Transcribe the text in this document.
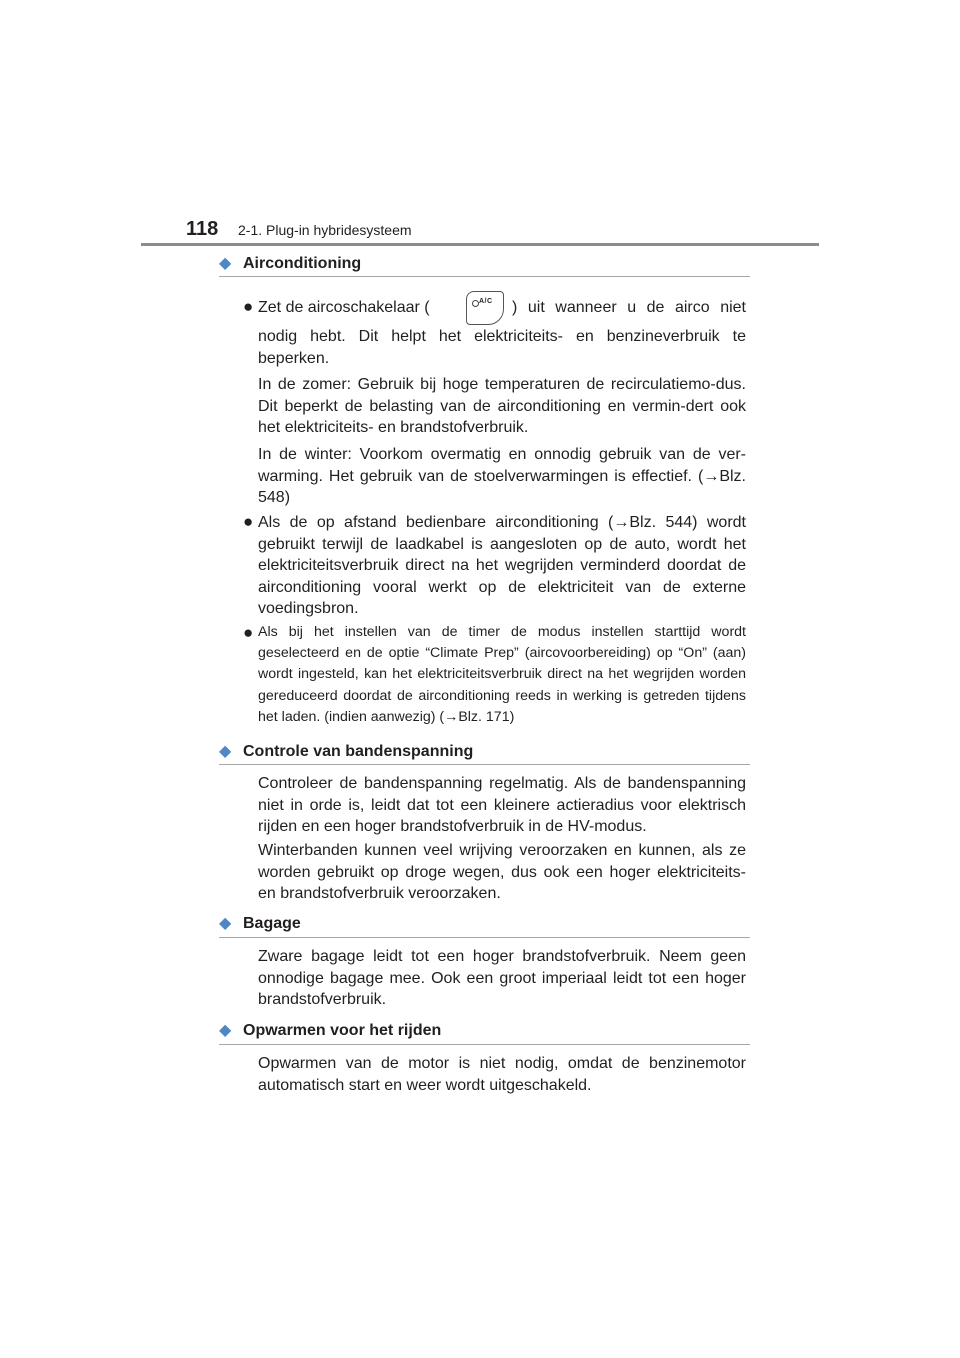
118 2-1. Plug-in hybridesysteem
◆ Airconditioning
● Zet de aircoschakelaar (	A/C ) uit wanneer u de airco niet
nodig hebt. Dit helpt het elektriciteits- en benzineverbruik te beperken.
In de zomer: Gebruik bij hoge temperaturen de recirculatiemo-dus. Dit beperkt de belasting van de airconditioning en vermin-dert ook het elektriciteits- en brandstofverbruik.
In de winter: Voorkom overmatig en onnodig gebruik van de ver-warming. Het gebruik van de stoelverwarmingen is effectief. (→Blz. 548)
● Als de op afstand bedienbare airconditioning (→Blz. 544) wordt gebruikt terwijl de laadkabel is aangesloten op de auto, wordt het elektriciteitsverbruik direct na het wegrijden verminderd doordat de airconditioning vooral werkt op de elektriciteit van de externe voedingsbron.
● Als bij het instellen van de timer de modus instellen starttijd wordt geselecteerd en de optie “Climate Prep” (aircovoorbereiding) op “On” (aan) wordt ingesteld, kan het elektriciteitsverbruik direct na het wegrijden worden gereduceerd doordat de airconditioning reeds in werking is getreden tijdens het laden. (indien aanwezig) (→Blz. 171)
◆ Controle van bandenspanning
Controleer de bandenspanning regelmatig. Als de bandenspanning niet in orde is, leidt dat tot een kleinere actieradius voor elektrisch rijden en een hoger brandstofverbruik in de HV-modus.
Winterbanden kunnen veel wrijving veroorzaken en kunnen, als ze worden gebruikt op droge wegen, dus ook een hoger elektriciteits- en brandstofverbruik veroorzaken.
◆ Bagage
Zware bagage leidt tot een hoger brandstofverbruik. Neem geen onnodige bagage mee. Ook een groot imperiaal leidt tot een hoger brandstofverbruik.
◆ Opwarmen voor het rijden
Opwarmen van de motor is niet nodig, omdat de benzinemotor automatisch start en weer wordt uitgeschakeld.
